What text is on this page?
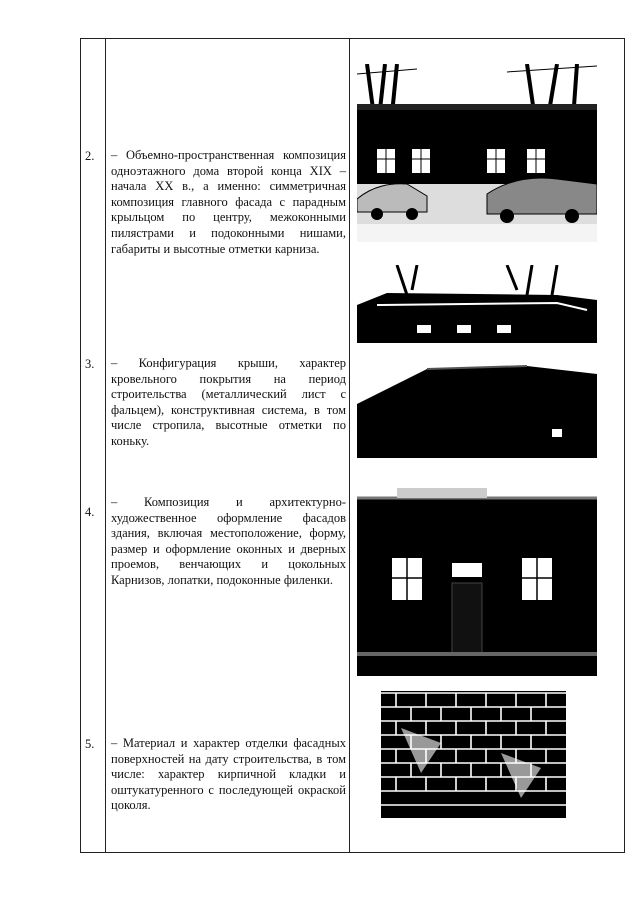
2. – Объемно-пространственная композиция одноэтажного дома второй конца XIX – начала XX в., а именно: симметричная композиция главного фасада с парадным крыльцом по центру, межоконными пилястрами и подоконными нишами, габариты и высотные отметки карниза.
3. – Конфигурация крыши, характер кровельного покрытия на период строительства (металлический лист с фальцем), конструктивная система, в том числе стропила, высотные отметки по коньку.
4.
– Композиция и архитектурно-художественное оформление фасадов здания, включая местоположение, форму, размер и оформление оконных и дверных проемов, венчающих и цокольных Карнизов, лопатки, подоконные филенки.
5. – Материал и характер отделки фасадных поверхностей на дату строительства, в том числе: характер кирпичной кладки и оштукатуренного с последующей окраской цоколя.
